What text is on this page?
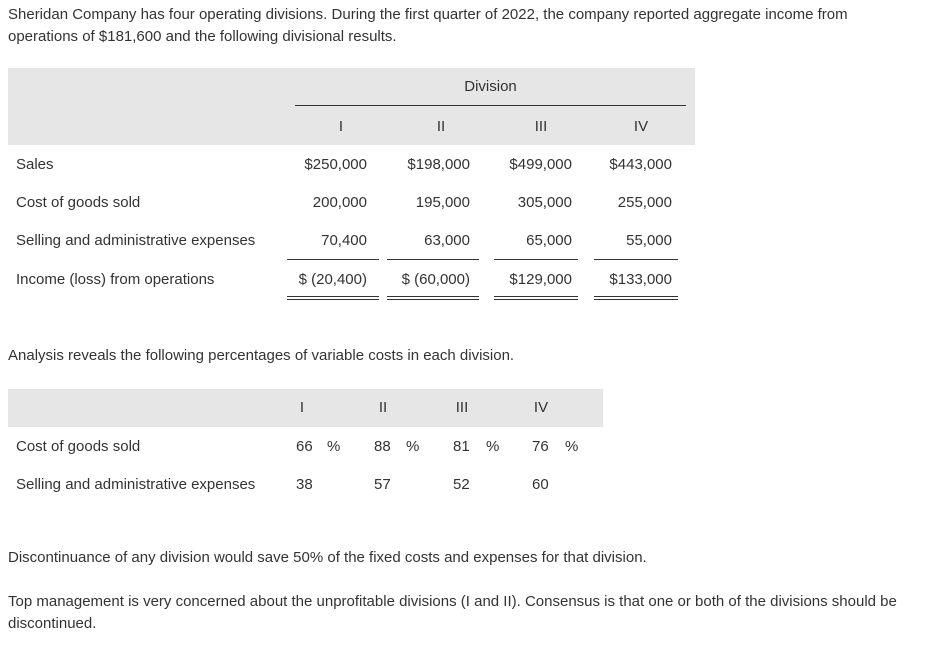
Sheridan Company has four operating divisions. During the first quarter of 2022, the company reported aggregate income from operations of $181,600 and the following divisional results.

Division
I	II	III	IV
Sales	$250,000	$198,000	$499,000	$443,000
Cost of goods sold	200,000	195,000	305,000	255,000
Selling and administrative expenses	70,400	63,000	65,000	55,000
Income (loss) from operations	$ (20,400)	$ (60,000)	$129,000	$133,000

Analysis reveals the following percentages of variable costs in each division.

I	II	III	IV
Cost of goods sold	66 % 88 % 81 % 76 %
Selling and administrative expenses	38	57	52	60

Discontinuance of any division would save 50% of the fixed costs and expenses for that division.

Top management is very concerned about the unprofitable divisions (I and II). Consensus is that one or both of the divisions should be discontinued.
